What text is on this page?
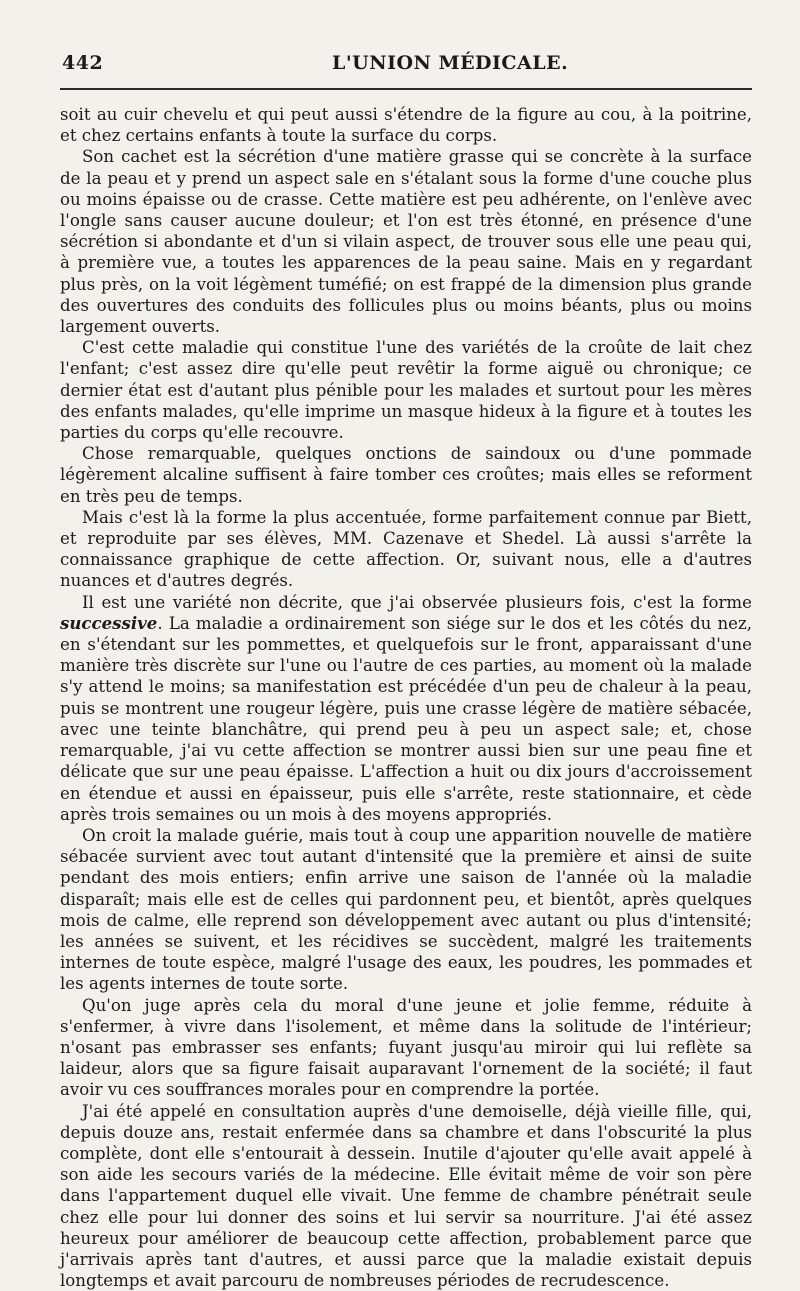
442	L'UNION MÉDICALE.

soit au cuir chevelu et qui peut aussi s'étendre de la figure au cou, à la poitrine, et chez certains enfants à toute la surface du corps.

Son cachet est la sécrétion d'une matière grasse qui se concrète à la surface de la peau et y prend un aspect sale en s'étalant sous la forme d'une couche plus ou moins épaisse ou de crasse. Cette matière est peu adhérente, on l'enlève avec l'ongle sans causer aucune douleur; et l'on est très étonné, en présence d'une sécrétion si abondante et d'un si vilain aspect, de trouver sous elle une peau qui, à première vue, a toutes les apparences de la peau saine. Mais en y regardant plus près, on la voit légèment tuméfié; on est frappé de la dimension plus grande des ouvertures des conduits des follicules plus ou moins béants, plus ou moins largement ouverts.

C'est cette maladie qui constitue l'une des variétés de la croûte de lait chez l'enfant; c'est assez dire qu'elle peut revêtir la forme aiguë ou chronique; ce dernier état est d'autant plus pénible pour les malades et surtout pour les mères des enfants malades, qu'elle imprime un masque hideux à la figure et à toutes les parties du corps qu'elle recouvre.

Chose remarquable, quelques onctions de saindoux ou d'une pommade légèrement alcaline suffisent à faire tomber ces croûtes; mais elles se reforment en très peu de temps.

Mais c'est là la forme la plus accentuée, forme parfaitement connue par Biett, et reproduite par ses élèves, MM. Cazenave et Shedel. Là aussi s'arrête la connaissance graphique de cette affection. Or, suivant nous, elle a d'autres nuances et d'autres degrés.

Il est une variété non décrite, que j'ai observée plusieurs fois, c'est la forme successive. La maladie a ordinairement son siége sur le dos et les côtés du nez, en s'étendant sur les pommettes, et quelquefois sur le front, apparaissant d'une manière très discrète sur l'une ou l'autre de ces parties, au moment où la malade s'y attend le moins; sa manifestation est précédée d'un peu de chaleur à la peau, puis se montrent une rougeur légère, puis une crasse légère de matière sébacée, avec une teinte blanchâtre, qui prend peu à peu un aspect sale; et, chose remarquable, j'ai vu cette affection se montrer aussi bien sur une peau fine et délicate que sur une peau épaisse. L'affection a huit ou dix jours d'accroissement en étendue et aussi en épaisseur, puis elle s'arrête, reste stationnaire, et cède après trois semaines ou un mois à des moyens appropriés.

On croit la malade guérie, mais tout à coup une apparition nouvelle de matière sébacée survient avec tout autant d'intensité que la première et ainsi de suite pendant des mois entiers; enfin arrive une saison de l'année où la maladie disparaît; mais elle est de celles qui pardonnent peu, et bientôt, après quelques mois de calme, elle reprend son développement avec autant ou plus d'intensité; les années se suivent, et les récidives se succèdent, malgré les traitements internes de toute espèce, malgré l'usage des eaux, les poudres, les pommades et les agents internes de toute sorte.

Qu'on juge après cela du moral d'une jeune et jolie femme, réduite à s'enfermer, à vivre dans l'isolement, et même dans la solitude de l'intérieur; n'osant pas embrasser ses enfants; fuyant jusqu'au miroir qui lui reflète sa laideur, alors que sa figure faisait auparavant l'ornement de la société; il faut avoir vu ces souffrances morales pour en comprendre la portée.

J'ai été appelé en consultation auprès d'une demoiselle, déjà vieille fille, qui, depuis douze ans, restait enfermée dans sa chambre et dans l'obscurité la plus complète, dont elle s'entourait à dessein. Inutile d'ajouter qu'elle avait appelé à son aide les secours variés de la médecine. Elle évitait même de voir son père dans l'appartement duquel elle vivait. Une femme de chambre pénétrait seule chez elle pour lui donner des soins et lui servir sa nourriture. J'ai été assez heureux pour améliorer de beaucoup cette affection, probablement parce que j'arrivais après tant d'autres, et aussi parce que la maladie existait depuis longtemps et avait parcouru de nombreuses périodes de recrudescence.
